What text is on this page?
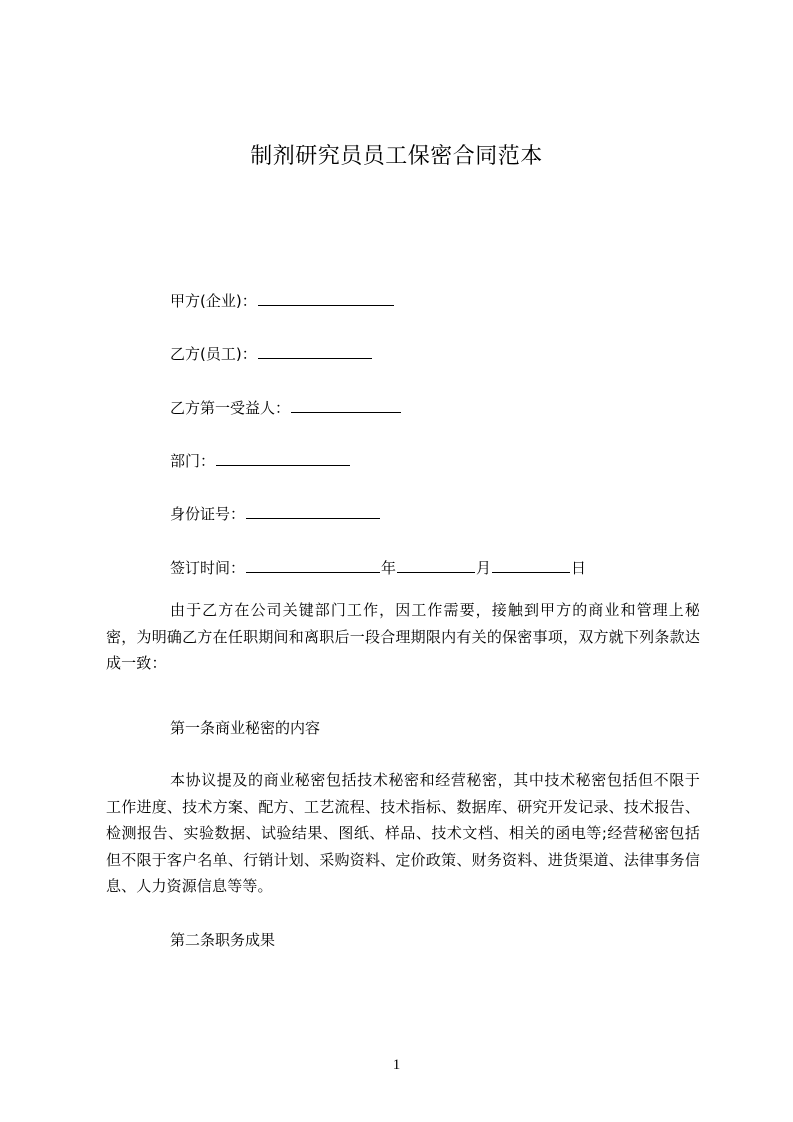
制剂研究员员工保密合同范本
甲方(企业)：
乙方(员工)：
乙方第一受益人：
部门：
身份证号：
签订时间：	年	月	日
由于乙方在公司关键部门工作，因工作需要，接触到甲方的商业和管理上秘密，为明确乙方在任职期间和离职后一段合理期限内有关的保密事项，双方就下列条款达成一致：
第一条商业秘密的内容
本协议提及的商业秘密包括技术秘密和经营秘密，其中技术秘密包括但不限于工作进度、技术方案、配方、工艺流程、技术指标、数据库、研究开发记录、技术报告、检测报告、实验数据、试验结果、图纸、样品、技术文档、相关的函电等;经营秘密包括但不限于客户名单、行销计划、采购资料、定价政策、财务资料、进货渠道、法律事务信息、人力资源信息等等。
第二条职务成果
1
